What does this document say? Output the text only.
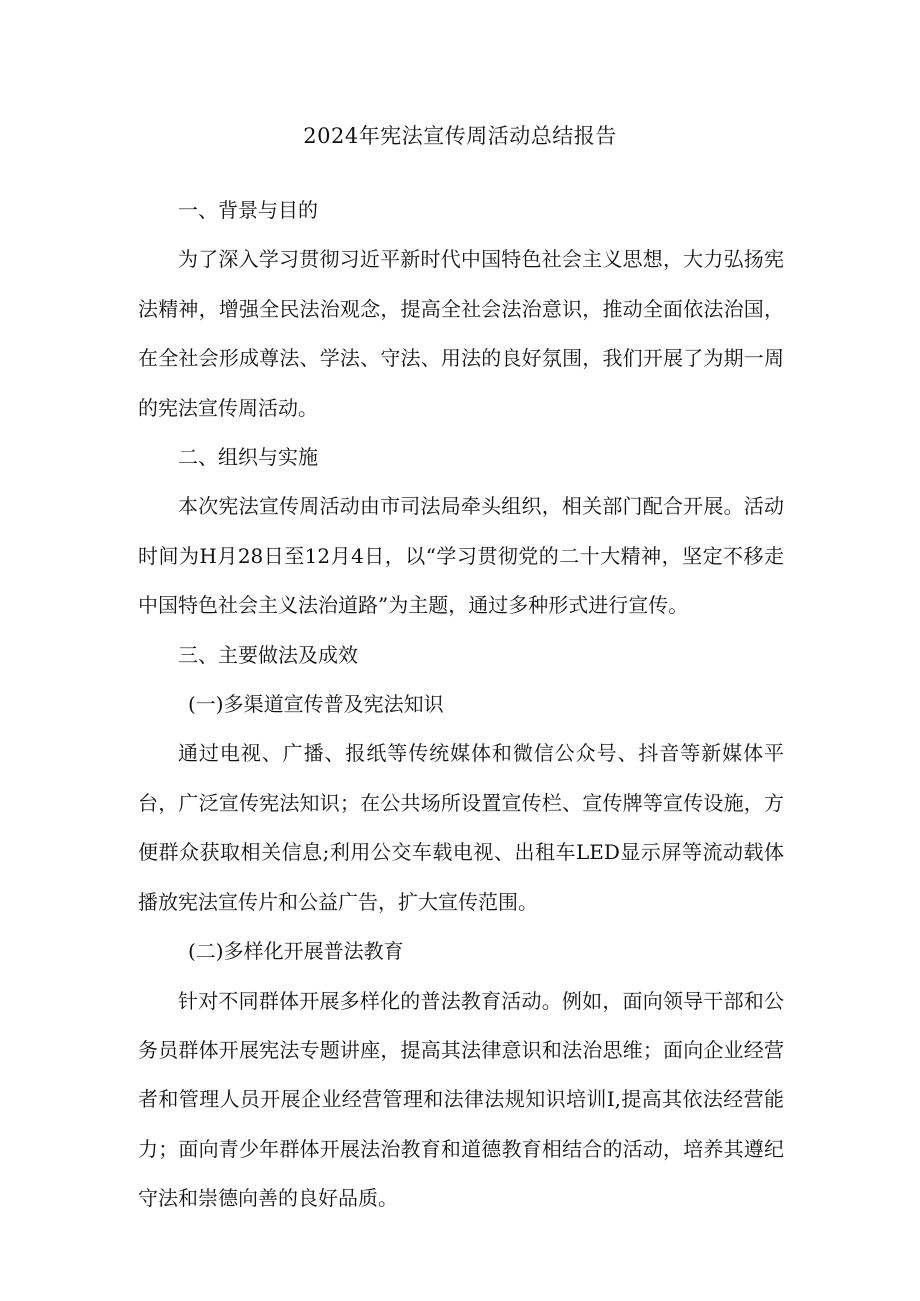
2024年宪法宣传周活动总结报告

一、背景与目的

为了深入学习贯彻习近平新时代中国特色社会主义思想，大力弘扬宪法精神，增强全民法治观念，提高全社会法治意识，推动全面依法治国，在全社会形成尊法、学法、守法、用法的良好氛围，我们开展了为期一周的宪法宣传周活动。

二、组织与实施

本次宪法宣传周活动由市司法局牵头组织，相关部门配合开展。活动时间为H月28日至12月4日，以“学习贯彻党的二十大精神，坚定不移走中国特色社会主义法治道路”为主题，通过多种形式进行宣传。

三、主要做法及成效

(一)多渠道宣传普及宪法知识

通过电视、广播、报纸等传统媒体和微信公众号、抖音等新媒体平台，广泛宣传宪法知识；在公共场所设置宣传栏、宣传牌等宣传设施，方便群众获取相关信息;利用公交车载电视、出租车LED显示屏等流动载体播放宪法宣传片和公益广告，扩大宣传范围。

(二)多样化开展普法教育

针对不同群体开展多样化的普法教育活动。例如，面向领导干部和公务员群体开展宪法专题讲座，提高其法律意识和法治思维；面向企业经营者和管理人员开展企业经营管理和法律法规知识培训I,提高其依法经营能力；面向青少年群体开展法治教育和道德教育相结合的活动，培养其遵纪守法和崇德向善的良好品质。
